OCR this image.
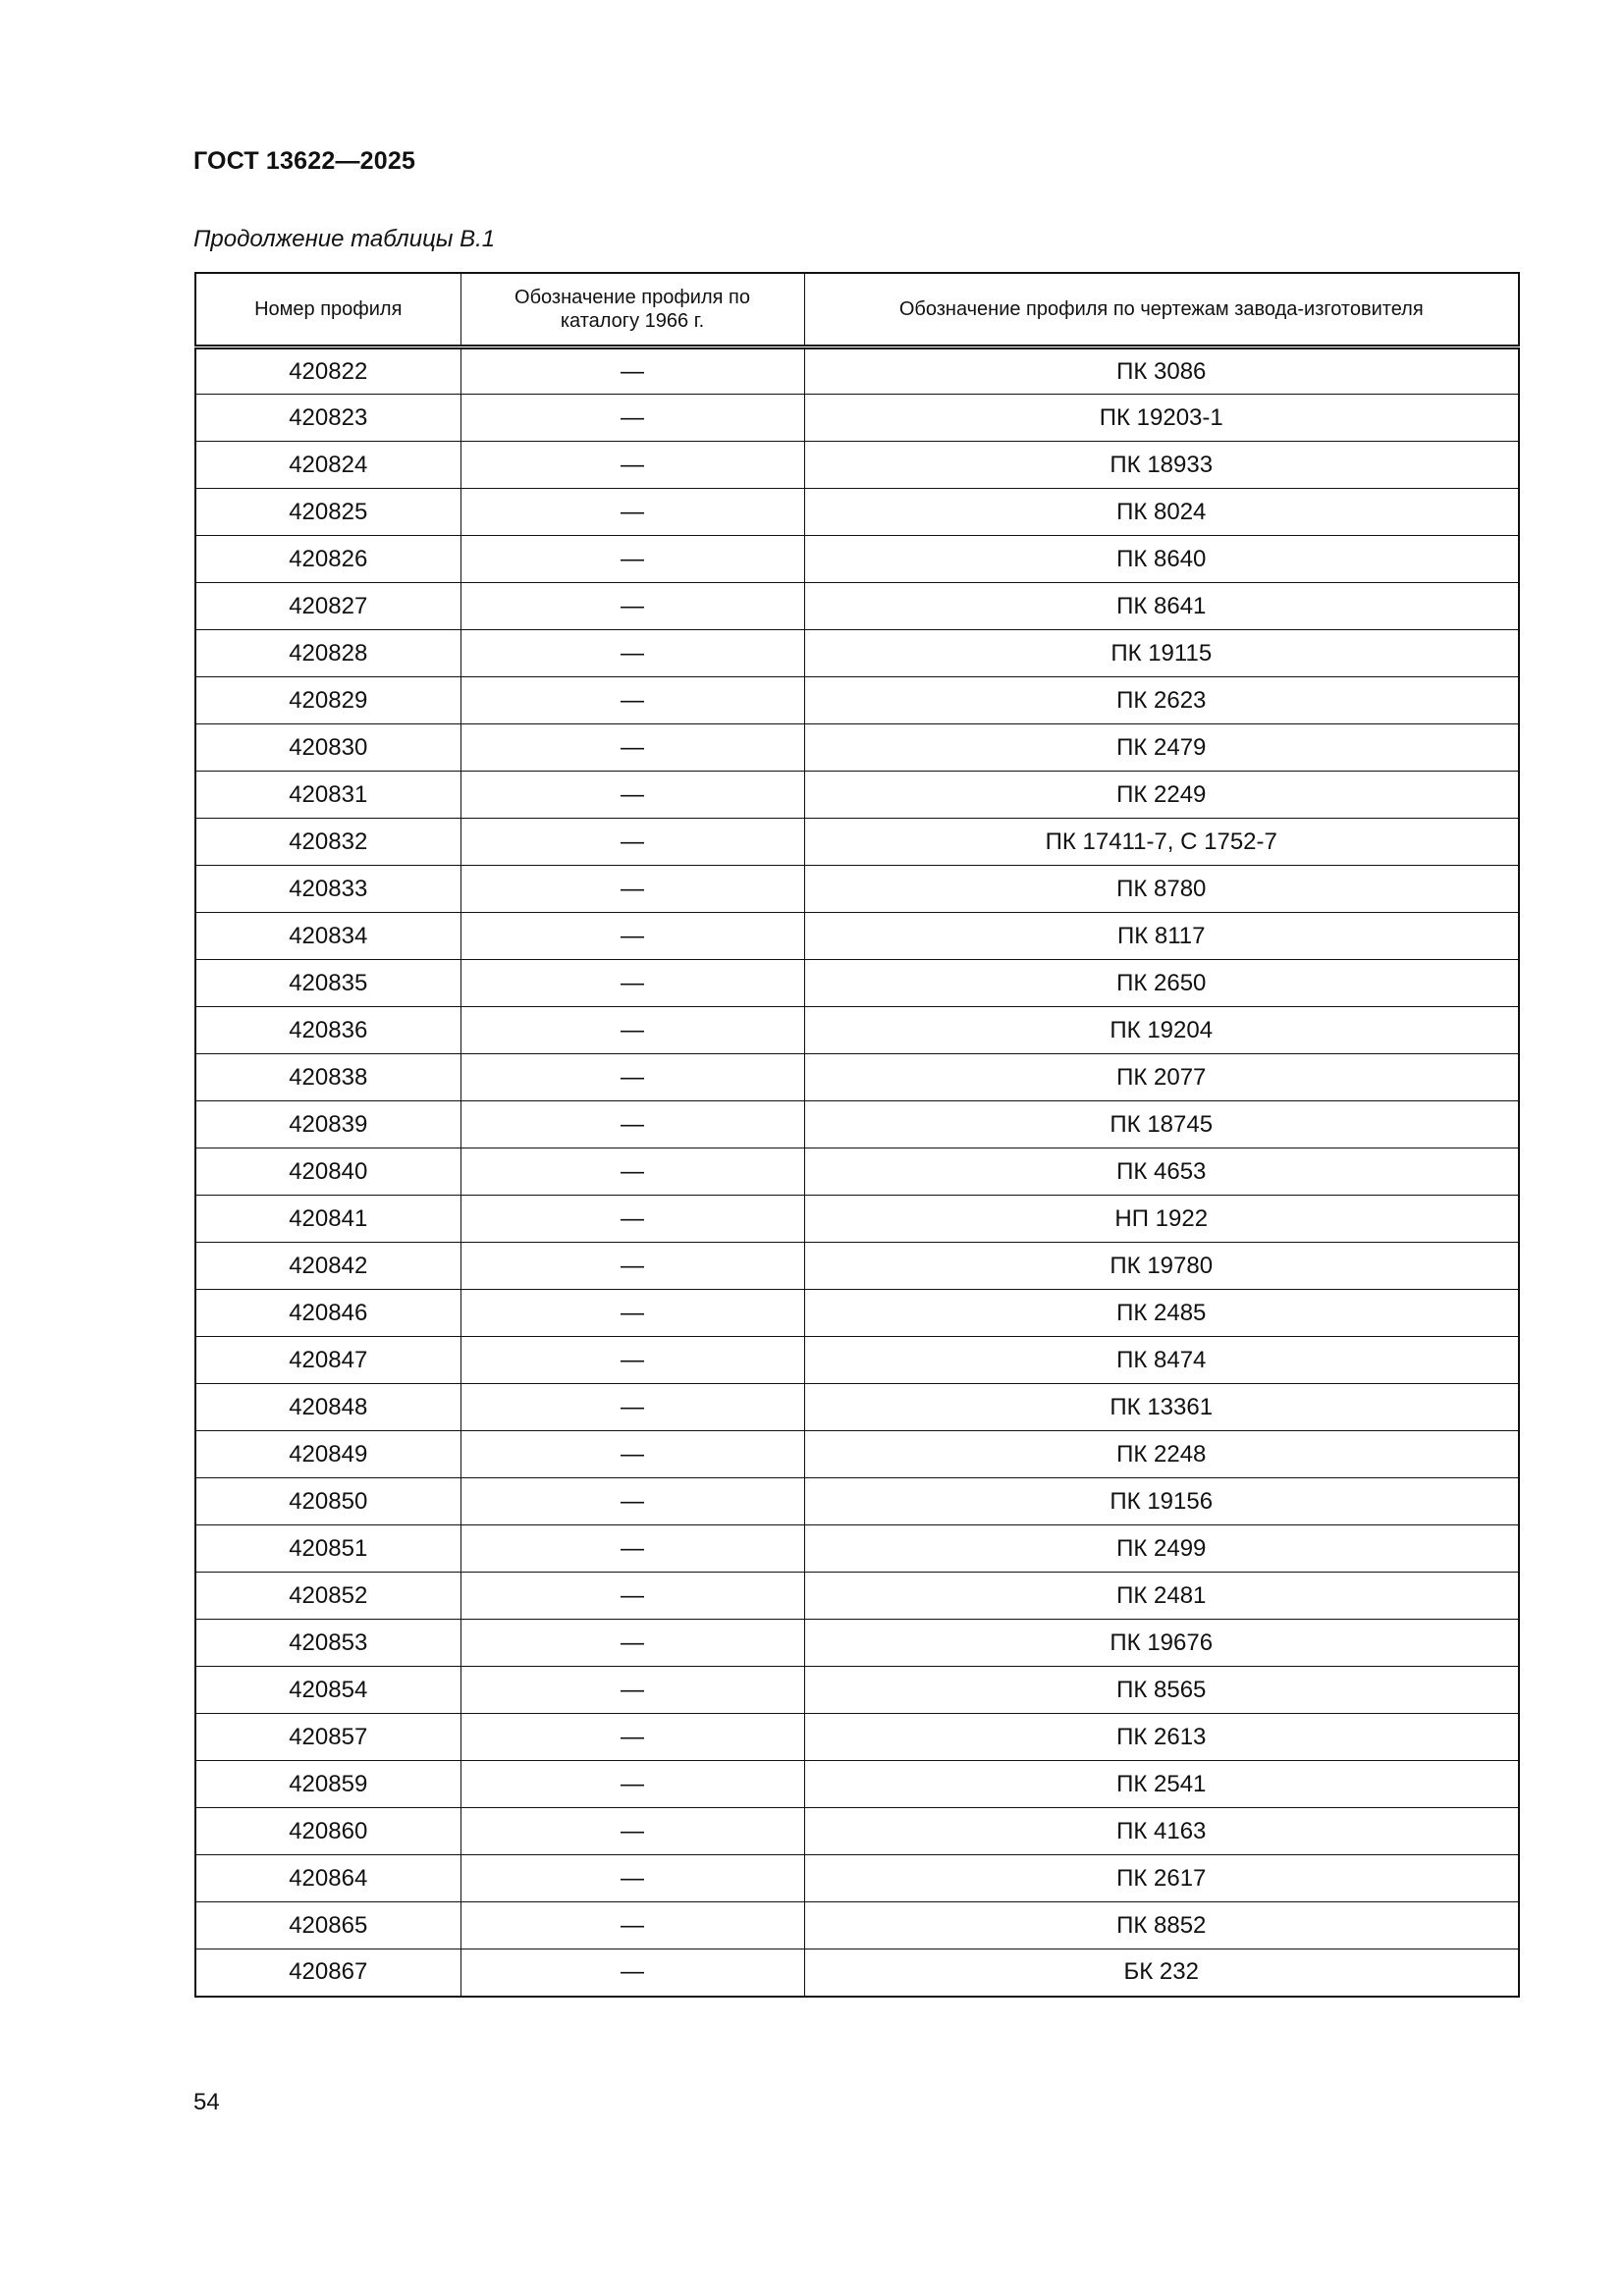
ГОСТ 13622—2025
Продолжение таблицы В.1
Номер профиля	Обозначение профиля по каталогу 1966 г.	Обозначение профиля по чертежам завода-изготовителя
420822	—	ПК 3086
420823	—	ПК 19203-1
420824	—	ПК 18933
420825	—	ПК 8024
420826	—	ПК 8640
420827	—	ПК 8641
420828	—	ПК 19115
420829	—	ПК 2623
420830	—	ПК 2479
420831	—	ПК 2249
420832	—	ПК 17411-7, С 1752-7
420833	—	ПК 8780
420834	—	ПК 8117
420835	—	ПК 2650
420836	—	ПК 19204
420838	—	ПК 2077
420839	—	ПК 18745
420840	—	ПК 4653
420841	—	НП 1922
420842	—	ПК 19780
420846	—	ПК 2485
420847	—	ПК 8474
420848	—	ПК 13361
420849	—	ПК 2248
420850	—	ПК 19156
420851	—	ПК 2499
420852	—	ПК 2481
420853	—	ПК 19676
420854	—	ПК 8565
420857	—	ПК 2613
420859	—	ПК 2541
420860	—	ПК 4163
420864	—	ПК 2617
420865	—	ПК 8852
420867	—	БК 232
54
